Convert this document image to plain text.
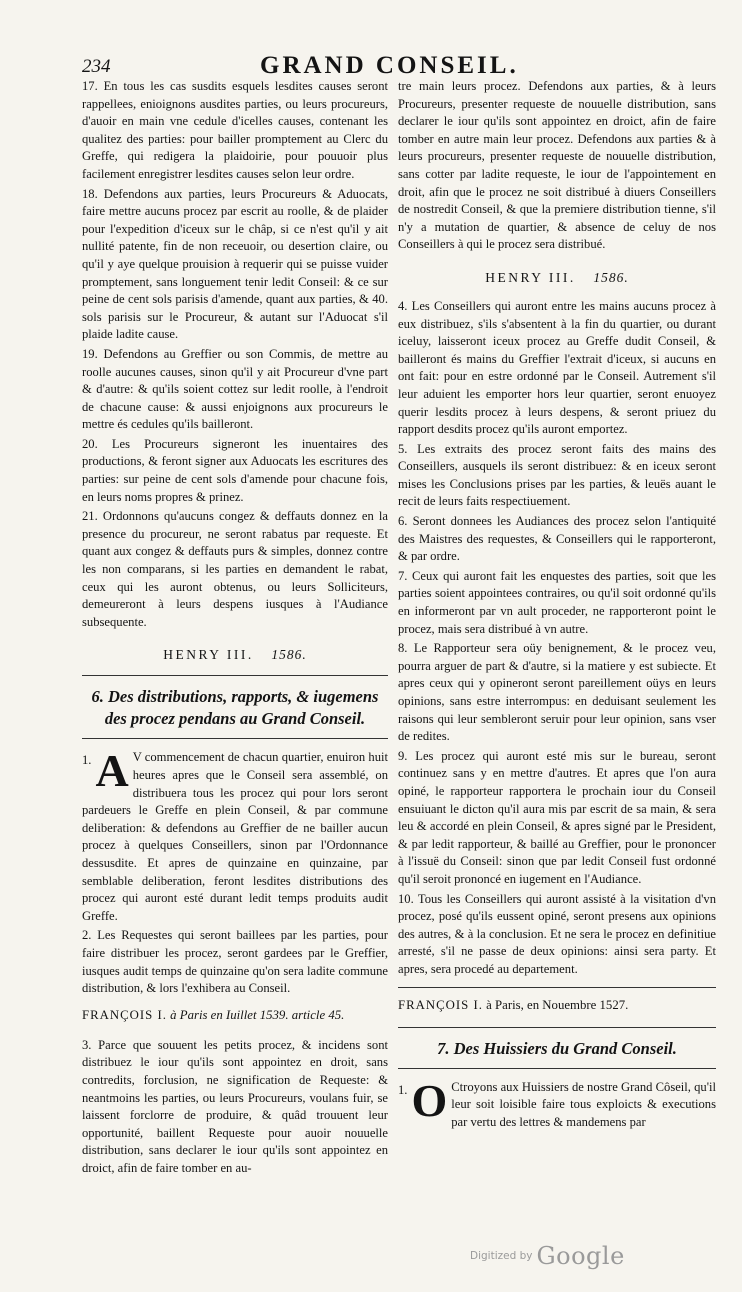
234	GRAND CONSEIL.

17. En tous les cas susdits esquels lesdites causes seront rappellees, enioignons ausdites parties, ou leurs procureurs, d'auoir en main vne cedule d'icelles causes, contenant les qualitez des parties: pour bailler promptement au Clerc du Greffe, qui redigera la plaidoirie, pour pouuoir plus facilement enregistrer lesdites causes selon leur ordre.

18. Defendons aux parties, leurs Procureurs & Aduocats, faire mettre aucuns procez par escrit au roolle, & de plaider pour l'expedition d'iceux sur le châp, si ce n'est qu'il y ait nullité patente, fin de non receuoir, ou desertion claire, ou qu'il y aye quelque prouision à requerir qui se puisse vuider promptement, sans longuement tenir ledit Conseil: & ce sur peine de cent sols parisis d'amende, quant aux parties, & 40. sols parisis sur le Procureur, & autant sur l'Aduocat s'il plaide ladite cause.

19. Defendons au Greffier ou son Commis, de mettre au roolle aucunes causes, sinon qu'il y ait Procureur d'vne part & d'autre: & qu'ils soient cottez sur ledit roolle, à l'endroit de chacune cause: & aussi enjoignons aux procureurs le mettre és cedules qu'ils bailleront.

20. Les Procureurs signeront les inuentaires des productions, & feront signer aux Aduocats les escritures des parties: sur peine de cent sols d'amende pour chacune fois, en leurs noms propres & prinez.

21. Ordonnons qu'aucuns congez & deffauts donnez en la presence du procureur, ne seront rabatus par requeste. Et quant aux congez & deffauts purs & simples, donnez contre les non comparans, si les parties en demandent le rabat, ceux qui les auront obtenus, ou leurs Solliciteurs, demeureront à leurs despens iusques à l'Audiance subsequente.

HENRY III. 1586.
6. Des distributions, rapports, & iugemens des procez pendans au Grand Conseil.

1. A V commencement de chacun quartier, enuiron huit heures apres que le Conseil sera assemblé, on distribuera tous les procez qui pour lors seront pardeuers le Greffe en plein Conseil, & par commune deliberation: & defendons au Greffier de ne bailler aucun procez à quelques Conseillers, sinon par l'Ordonnance dessusdite. Et apres de quinzaine en quinzaine, par semblable deliberation, feront lesdites distributions des procez qui auront esté durant ledit temps produits audit Greffe.

2. Les Requestes qui seront baillees par les parties, pour faire distribuer les procez, seront gardees par le Greffier, iusques audit temps de quinzaine qu'on sera ladite commune distribution, & lors l'exhibera au Conseil.

FRANÇOIS I. à Paris en Iuillet 1539. article 45.

3. Parce que souuent les petits procez, & incidens sont distribuez le iour qu'ils sont appointez en droit, sans contredits, forclusion, ne signification de Requeste: & neantmoins les parties, ou leurs Procureurs, voulans fuir, se laissent forclorre de produire, & quâd trouuent leur opportunité, baillent Requeste pour auoir nouuelle distribution, sans declarer le iour qu'ils sont appointez en droict, afin de faire tomber en au-

tre main leurs procez. Defendons aux parties, & à leurs Procureurs, presenter requeste de nouuelle distribution, sans declarer le iour qu'ils sont appointez en droict, afin de faire tomber en autre main leur procez. Defendons aux parties & à leurs procureurs, presenter requeste de nouuelle distribution, sans cotter par ladite requeste, le iour de l'appointement en droit, afin que le procez ne soit distribué à diuers Conseillers de nostredit Conseil, & que la premiere distribution tienne, s'il n'y a mutation de quartier, & absence de celuy de nos Conseillers à qui le procez sera distribué.

HENRY III. 1586.

4. Les Conseillers qui auront entre les mains aucuns procez à eux distribuez, s'ils s'absentent à la fin du quartier, ou durant iceluy, laisseront iceux procez au Greffe dudit Conseil, & bailleront és mains du Greffier l'extrait d'iceux, si aucuns en ont fait: pour en estre ordonné par le Conseil. Autrement s'il leur aduient les emporter hors leur quartier, seront enuoyez querir lesdits procez à leurs despens, & seront priuez du rapport desdits procez qu'ils auront emportez.

5. Les extraits des procez seront faits des mains des Conseillers, ausquels ils seront distribuez: & en iceux seront mises les Conclusions prises par les parties, & leuës auant le recit de leurs faits respectiuement.

6. Seront donnees les Audiances des procez selon l'antiquité des Maistres des requestes, & Conseillers qui le rapporteront, & par ordre.

7. Ceux qui auront fait les enquestes des parties, soit que les parties soient appointees contraires, ou qu'il soit ordonné qu'ils en informeront par vn ault proceder, ne rapporteront point le procez, mais sera distribué à vn autre.

8. Le Rapporteur sera oüy benignement, & le procez veu, pourra arguer de part & d'autre, si la matiere y est subiecte. Et apres ceux qui y opineront seront pareillement oüys en leurs opinions, sans estre interrompus: en deduisant seulement les raisons qui leur sembleront seruir pour leur opinion, sans vser de redites.

9. Les procez qui auront esté mis sur le bureau, seront continuez sans y en mettre d'autres. Et apres que l'on aura opiné, le rapporteur rapportera le prochain iour du Conseil ensuiuant le dicton qu'il aura mis par escrit de sa main, & sera leu & accordé en plein Conseil, & apres signé par le President, & par ledit rapporteur, & baillé au Greffier, pour le prononcer à l'issuë du Conseil: sinon que par ledit Conseil fust ordonné qu'il seroit prononcé en iugement en l'Audiance.

10. Tous les Conseillers qui auront assisté à la visitation d'vn procez, posé qu'ils eussent opiné, seront presens aux opinions des autres, & à la conclusion. Et ne sera le procez en definitiue arresté, s'il ne passe de deux opinions: ainsi sera party. Et apres, sera procedé au departement.

FRANÇOIS I. à Paris, en Nouembre 1527.
7. Des Huissiers du Grand Conseil.

1. O Ctroyons aux Huissiers de nostre Grand Côseil, qu'il leur soit loisible faire tous exploicts & executions par vertu des lettres & mandemens par

Digitized by Google
